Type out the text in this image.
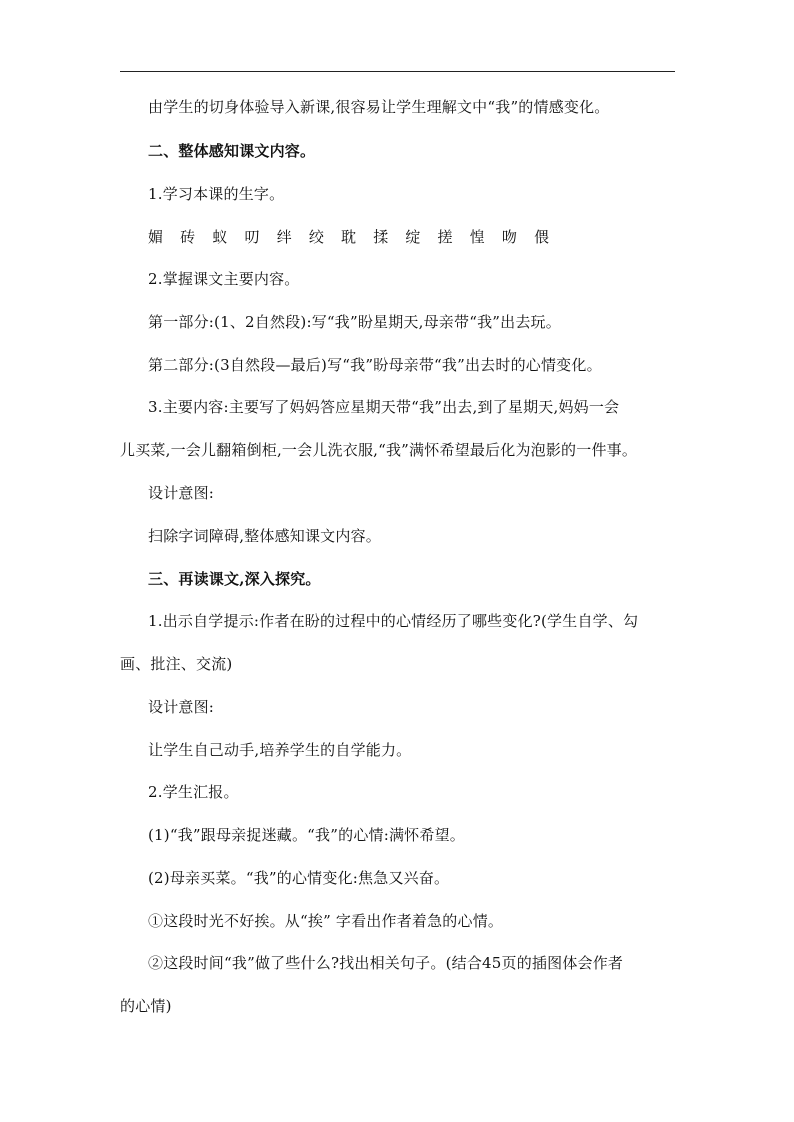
由学生的切身体验导入新课,很容易让学生理解文中“我”的情感变化。
二、整体感知课文内容。
1.学习本课的生字。
媚 砖 蚁 叨 绊 绞 耽 揉 绽 搓 惶 吻 偎
2.掌握课文主要内容。
第一部分:(1、2自然段):写“我”盼星期天,母亲带“我”出去玩。
第二部分:(3自然段—最后)写“我”盼母亲带“我”出去时的心情变化。
3.主要内容:主要写了妈妈答应星期天带“我”出去,到了星期天,妈妈一会
儿买菜,一会儿翻箱倒柜,一会儿洗衣服,“我”满怀希望最后化为泡影的一件事。
设计意图:
扫除字词障碍,整体感知课文内容。
三、再读课文,深入探究。
1.出示自学提示:作者在盼的过程中的心情经历了哪些变化?(学生自学、勾
画、批注、交流)
设计意图:
让学生自己动手,培养学生的自学能力。
2.学生汇报。
(1)“我”跟母亲捉迷藏。“我”的心情:满怀希望。
(2)母亲买菜。“我”的心情变化:焦急又兴奋。
①这段时光不好挨。从“挨” 字看出作者着急的心情。
②这段时间“我”做了些什么?找出相关句子。(结合45页的插图体会作者
的心情)
